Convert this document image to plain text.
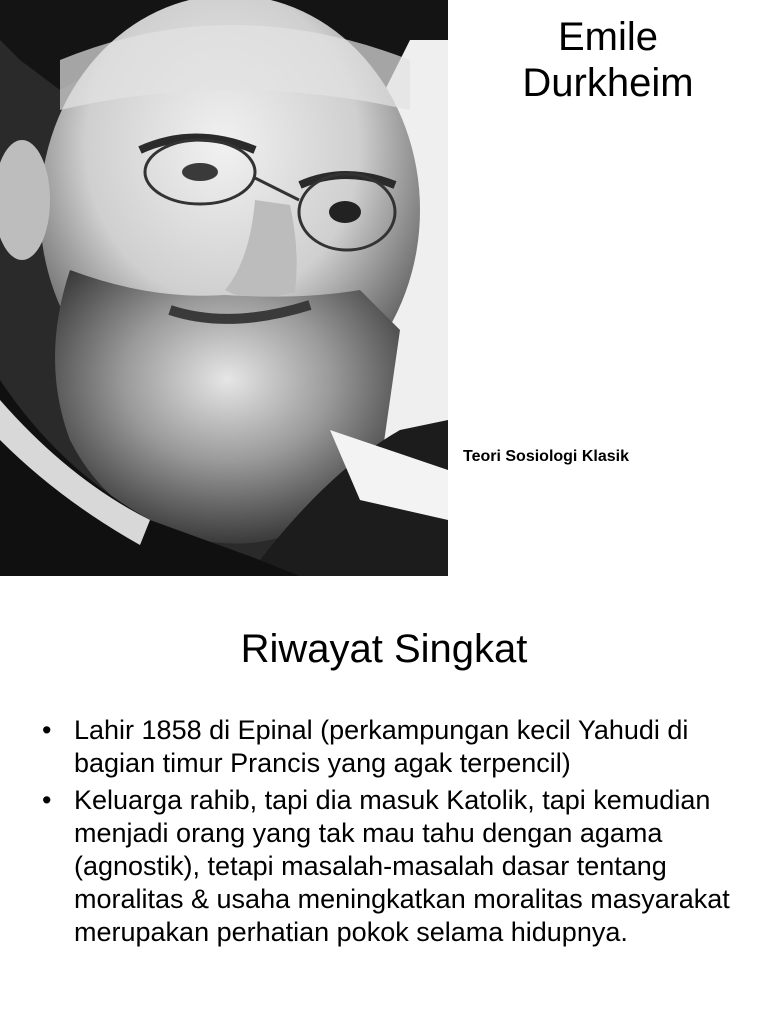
Emile
Durkheim
Teori Sosiologi Klasik
Riwayat Singkat
• Lahir 1858 di Epinal (perkampungan kecil Yahudi di bagian timur Prancis yang agak terpencil)
• Keluarga rahib, tapi dia masuk Katolik, tapi kemudian menjadi orang yang tak mau tahu dengan agama (agnostik), tetapi masalah-masalah dasar tentang moralitas & usaha meningkatkan moralitas masyarakat merupakan perhatian pokok selama hidupnya.
